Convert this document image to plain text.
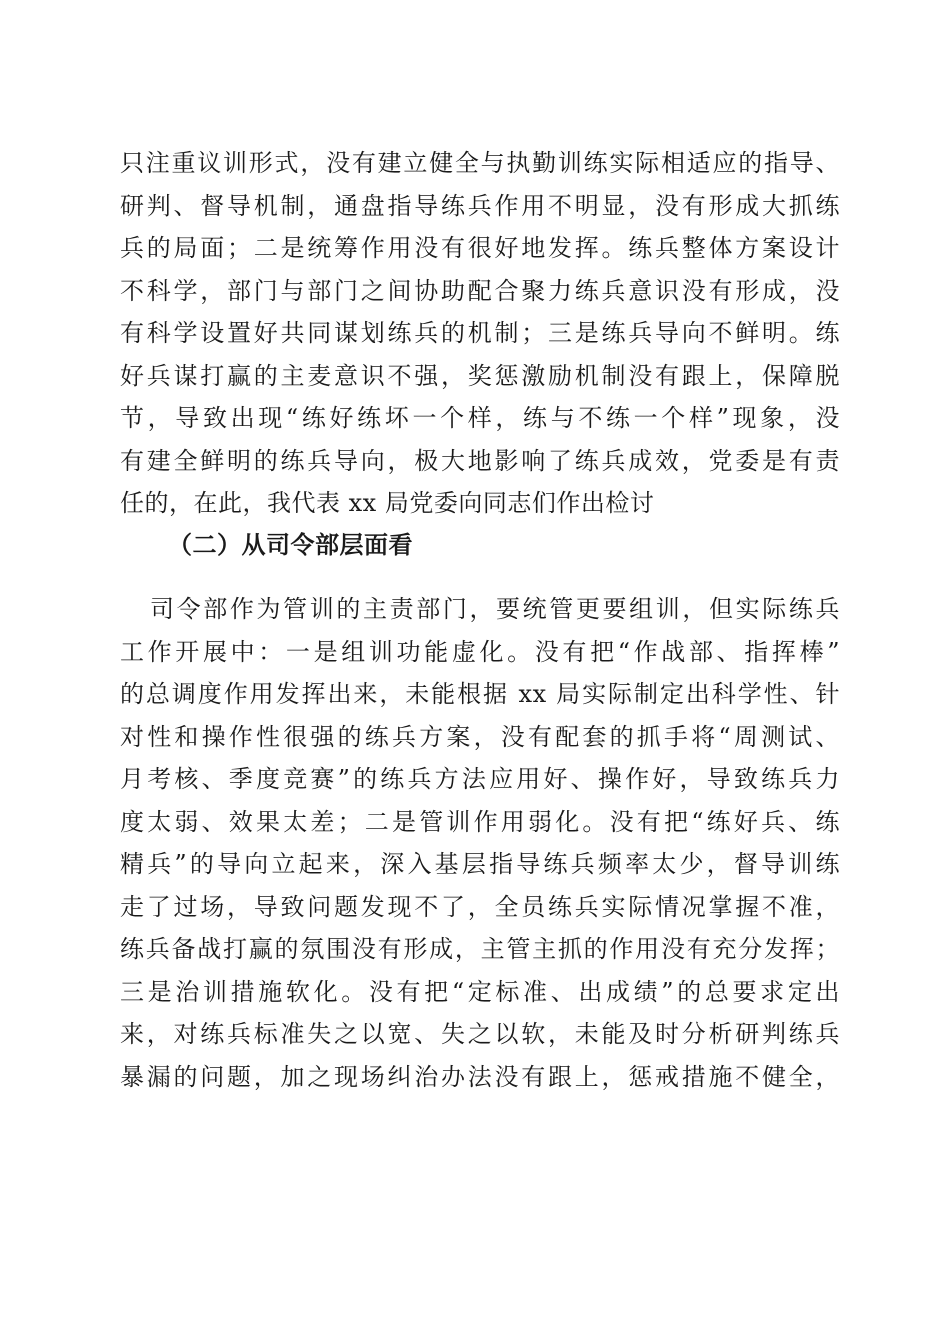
只注重议训形式，没有建立健全与执勤训练实际相适应的指导、
研判、督导机制，通盘指导练兵作用不明显，没有形成大抓练
兵的局面；二是统筹作用没有很好地发挥。练兵整体方案设计
不科学，部门与部门之间协助配合聚力练兵意识没有形成，没
有科学设置好共同谋划练兵的机制；三是练兵导向不鲜明。练
好兵谋打赢的主麦意识不强，奖惩激励机制没有跟上，保障脱
节，导致出现“练好练坏一个样，练与不练一个样”现象，没
有建全鲜明的练兵导向，极大地影响了练兵成效，党委是有责
任的，在此，我代表 xx 局党委向同志们作出检讨
（二）从司令部层面看
司令部作为管训的主责部门，要统管更要组训，但实际练兵
工作开展中：一是组训功能虚化。没有把“作战部、指挥棒”
的总调度作用发挥出来，未能根据 xx 局实际制定出科学性、针
对性和操作性很强的练兵方案，没有配套的抓手将“周测试、
月考核、季度竞赛”的练兵方法应用好、操作好，导致练兵力
度太弱、效果太差；二是管训作用弱化。没有把“练好兵、练
精兵”的导向立起来，深入基层指导练兵频率太少，督导训练
走了过场，导致问题发现不了，全员练兵实际情况掌握不准，
练兵备战打赢的氛围没有形成，主管主抓的作用没有充分发挥；
三是治训措施软化。没有把“定标准、出成绩”的总要求定出
来，对练兵标准失之以宽、失之以软，未能及时分析研判练兵
暴漏的问题，加之现场纠治办法没有跟上，惩戒措施不健全，
